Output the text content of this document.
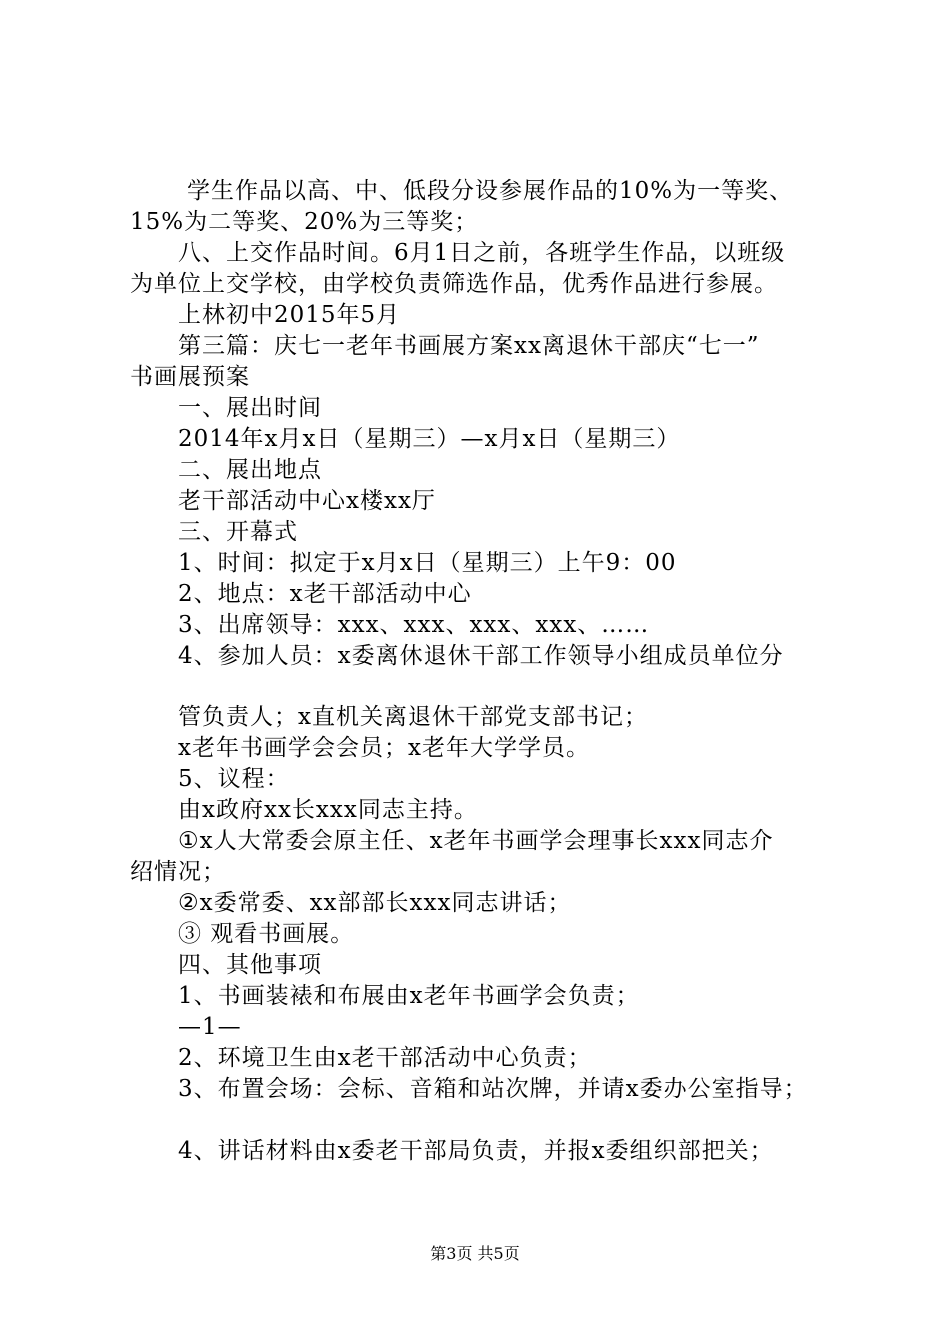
学生作品以高、中、低段分设参展作品的10%为一等奖、
15%为二等奖、20%为三等奖；
八、上交作品时间。6月1日之前，各班学生作品，以班级
为单位上交学校，由学校负责筛选作品，优秀作品进行参展。
上林初中2015年5月
第三篇：庆七一老年书画展方案xx离退休干部庆“七一”
书画展预案
一、展出时间
2014年x月x日（星期三）—x月x日（星期三）
二、展出地点
老干部活动中心x楼xx厅
三、开幕式
1、时间：拟定于x月x日（星期三）上午9：00
2、地点：x老干部活动中心
3、出席领导：xxx、xxx、xxx、xxx、……
4、参加人员：x委离休退休干部工作领导小组成员单位分
管负责人；x直机关离退休干部党支部书记；
x老年书画学会会员；x老年大学学员。
5、议程：
由x政府xx长xxx同志主持。
①x人大常委会原主任、x老年书画学会理事长xxx同志介
绍情况；
②x委常委、xx部部长xxx同志讲话；
③ 观看书画展。
四、其他事项
1、书画装裱和布展由x老年书画学会负责；
—1—
2、环境卫生由x老干部活动中心负责；
3、布置会场：会标、音箱和站次牌，并请x委办公室指导；
4、讲话材料由x委老干部局负责，并报x委组织部把关；
第3页 共5页
